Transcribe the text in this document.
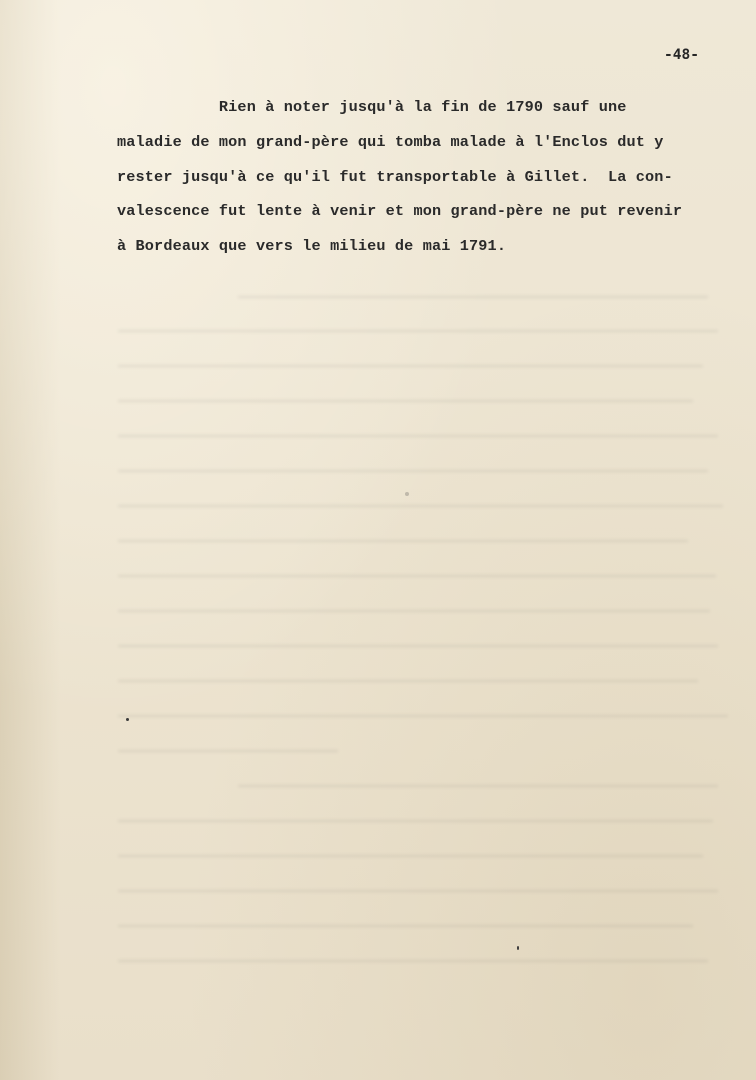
-48-
Rien à noter jusqu'à la fin de 1790 sauf une
maladie de mon grand-père qui tomba malade à l'Enclos dut y
rester jusqu'à ce qu'il fut transportable à Gillet.  La con-
valescence fut lente à venir et mon grand-père ne put revenir
à Bordeaux que vers le milieu de mai 1791.
